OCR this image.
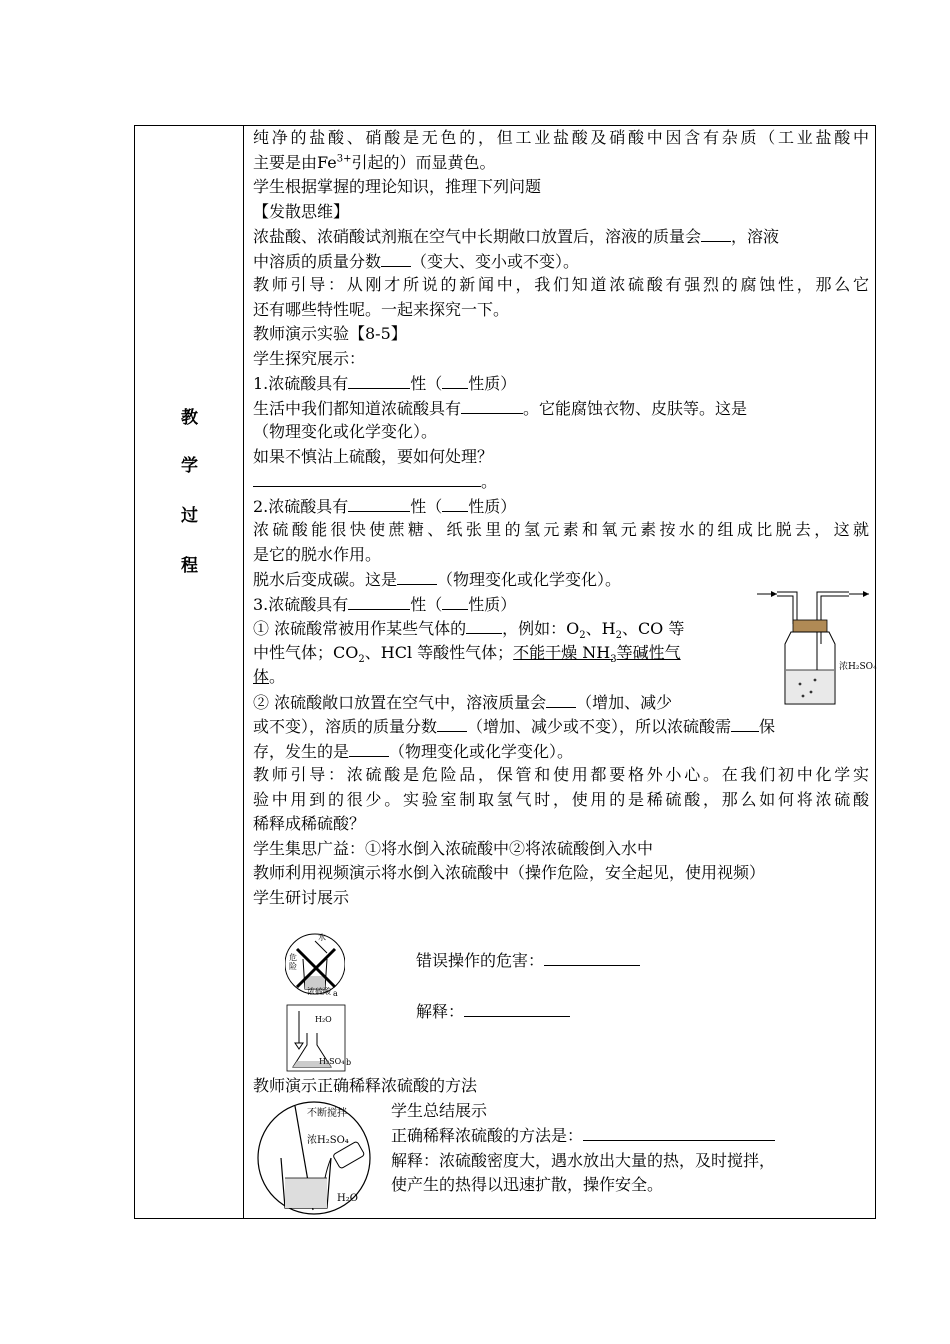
教
学
过
程
纯净的盐酸、硝酸是无色的，但工业盐酸及硝酸中因含有杂质（工业盐酸中
主要是由$Fe^{3+}$引起的）而显黄色。
学生根据掌握的理论知识，推理下列问题
【发散思维】
浓盐酸、浓硝酸试剂瓶在空气中长期敞口放置后，溶液的质量会 ，溶液
中溶质的质量分数 （变大、变小或不变）。
教师引导：从刚才所说的新闻中，我们知道浓硫酸有强烈的腐蚀性，那么它
还有哪些特性呢。一起来探究一下。
教师演示实验【8-5】
学生探究展示：
1.浓硫酸具有	性（ 性质）
生活中我们都知道浓硫酸具有	。它能腐蚀衣物、皮肤等。这是
（物理变化或化学变化）。
如果不慎沾上硫酸，要如何处理？
。
2.浓硫酸具有	性（ 性质）
浓硫酸能很快使蔗糖、纸张里的氢元素和氧元素按水的组成比脱去，这就
是它的脱水作用。
脱水后变成碳。这是	（物理变化或化学变化）。
3.浓硫酸具有	性（ 性质）
① 浓硫酸常被用作某些气体的 ，例如：$O_2$、$H_2$、CO 等
中性气体；$CO_2$、HCl 等酸性气体；不能干燥 $NH_3$等碱性气
体。
② 浓硫酸敞口放置在空气中，溶液质量会 （增加、减少
或不变），溶质的质量分数 （增加、减少或不变），所以浓硫酸需 保
存，发生的是	（物理变化或化学变化）。
教师引导：浓硫酸是危险品，保管和使用都要格外小心。在我们初中化学实
验中用到的很少。实验室制取氢气时，使用的是稀硫酸，那么如何将浓硫酸
稀释成稀硫酸？
学生集思广益：①将水倒入浓硫酸中②将浓硫酸倒入水中
教师利用视频演示将水倒入浓硫酸中（操作危险，安全起见，使用视频）
学生研讨展示
浓H₂SO₄
水
危险
浓硫酸 a
H₂O
H₂SO₄ b
错误操作的危害：
解释：
教师演示正确稀释浓硫酸的方法
不断搅拌
浓H₂SO₄
H₂O
学生总结展示
正确稀释浓硫酸的方法是：
解释：浓硫酸密度大，遇水放出大量的热，及时搅拌，
使产生的热得以迅速扩散，操作安全。
